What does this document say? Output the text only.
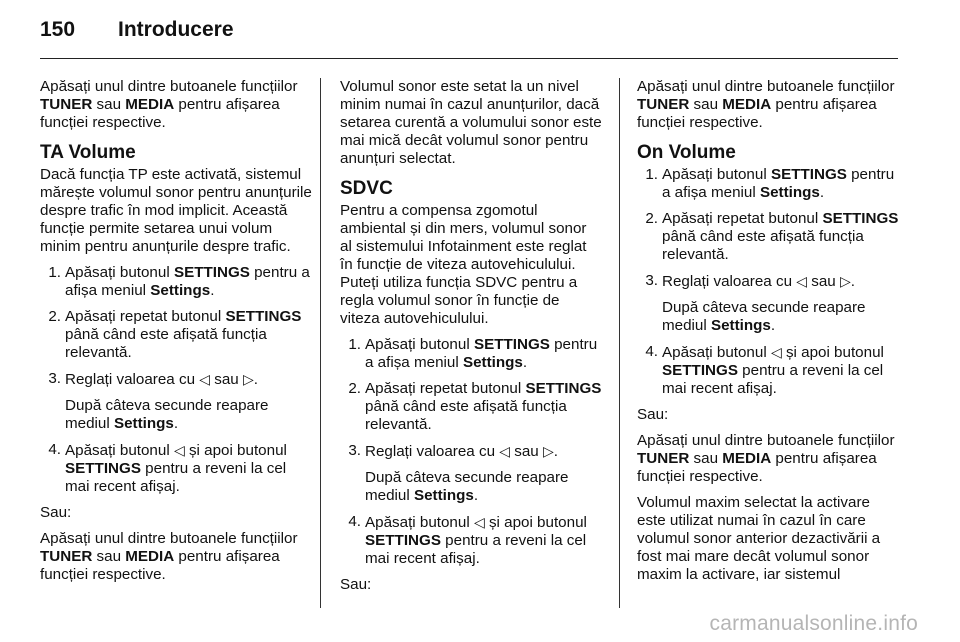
150	Introducere

Apăsați unul dintre butoanele funcțiilor TUNER sau MEDIA pentru afișarea funcției respective.

TA Volume

Dacă funcția TP este activată, sistemul mărește volumul sonor pentru anunțurile despre trafic în mod implicit. Această funcție permite setarea unui volum minim pentru anunțurile despre trafic.

1. Apăsați butonul SETTINGS pentru a afișa meniul Settings.
2. Apăsați repetat butonul SETTINGS până când este afișată funcția relevantă.
3. Reglați valoarea cu ◁ sau ▷.

După câteva secunde reapare mediul Settings.

4. Apăsați butonul ◁ și apoi butonul SETTINGS pentru a reveni la cel mai recent afișaj.

Sau:

Apăsați unul dintre butoanele funcțiilor TUNER sau MEDIA pentru afișarea funcției respective.

Volumul sonor este setat la un nivel minim numai în cazul anunțurilor, dacă setarea curentă a volumului sonor este mai mică decât volumul sonor pentru anunțuri selectat.

SDVC

Pentru a compensa zgomotul ambiental și din mers, volumul sonor al sistemului Infotainment este reglat în funcție de viteza autovehiculului. Puteți utiliza funcția SDVC pentru a regla volumul sonor în funcție de viteza autovehiculului.

1. Apăsați butonul SETTINGS pentru a afișa meniul Settings.
2. Apăsați repetat butonul SETTINGS până când este afișată funcția relevantă.
3. Reglați valoarea cu ◁ sau ▷.

După câteva secunde reapare mediul Settings.

4. Apăsați butonul ◁ și apoi butonul SETTINGS pentru a reveni la cel mai recent afișaj.

Sau:

Apăsați unul dintre butoanele funcțiilor TUNER sau MEDIA pentru afișarea funcției respective.

On Volume
1. Apăsați butonul SETTINGS pentru a afișa meniul Settings.
2. Apăsați repetat butonul SETTINGS până când este afișată funcția relevantă.
3. Reglați valoarea cu ◁ sau ▷.

După câteva secunde reapare mediul Settings.

4. Apăsați butonul ◁ și apoi butonul SETTINGS pentru a reveni la cel mai recent afișaj.

Sau:

Apăsați unul dintre butoanele funcțiilor TUNER sau MEDIA pentru afișarea funcției respective.

Volumul maxim selectat la activare este utilizat numai în cazul în care volumul sonor anterior dezactivării a fost mai mare decât volumul sonor maxim la activare, iar sistemul

carmanualsonline.info
